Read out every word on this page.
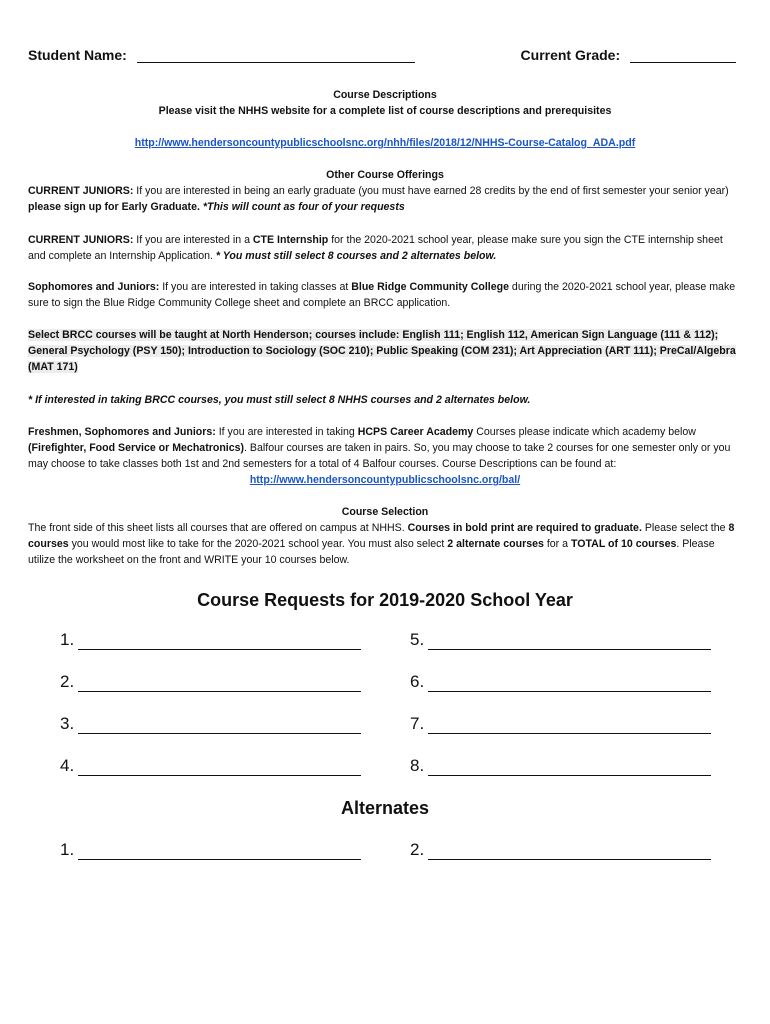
Student Name:	Current Grade:
Course Descriptions
Please visit the NHHS website for a complete list of course descriptions and prerequisites
http://www.hendersoncountypublicschoolsnc.org/nhh/files/2018/12/NHHS-Course-Catalog_ADA.pdf
Other Course Offerings
CURRENT JUNIORS: If you are interested in being an early graduate (you must have earned 28 credits by the end of first semester your senior year) please sign up for Early Graduate. *This will count as four of your requests
CURRENT JUNIORS: If you are interested in a CTE Internship for the 2020-2021 school year, please make sure you sign the CTE internship sheet and complete an Internship Application. * You must still select 8 courses and 2 alternates below.
Sophomores and Juniors: If you are interested in taking classes at Blue Ridge Community College during the 2020-2021 school year, please make sure to sign the Blue Ridge Community College sheet and complete an BRCC application.
Select BRCC courses will be taught at North Henderson; courses include: English 111; English 112, American Sign Language (111 & 112); General Psychology (PSY 150); Introduction to Sociology (SOC 210); Public Speaking (COM 231); Art Appreciation (ART 111); PreCal/Algebra (MAT 171)
* If interested in taking BRCC courses, you must still select 8 NHHS courses and 2 alternates below.
Freshmen, Sophomores and Juniors: If you are interested in taking HCPS Career Academy Courses please indicate which academy below (Firefighter, Food Service or Mechatronics). Balfour courses are taken in pairs. So, you may choose to take 2 courses for one semester only or you may choose to take classes both 1st and 2nd semesters for a total of 4 Balfour courses. Course Descriptions can be found at:
http://www.hendersoncountypublicschoolsnc.org/bal/
Course Selection
The front side of this sheet lists all courses that are offered on campus at NHHS. Courses in bold print are required to graduate. Please select the 8 courses you would most like to take for the 2020-2021 school year. You must also select 2 alternate courses for a TOTAL of 10 courses. Please utilize the worksheet on the front and WRITE your 10 courses below.
Course Requests for 2019-2020 School Year
1.
2.
3.
4.
5.
6.
7.
8.
Alternates
1.	2.
